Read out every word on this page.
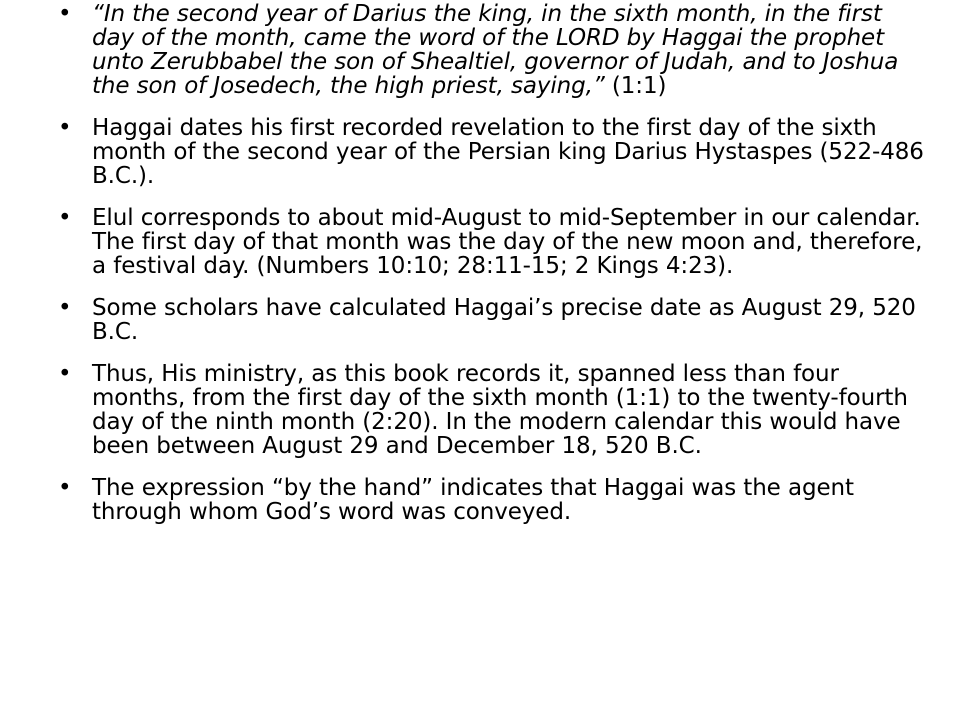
• “In the second year of Darius the king, in the sixth month, in the first day of the month, came the word of the LORD by Haggai the prophet unto Zerubbabel the son of Shealtiel, governor of Judah, and to Joshua the son of Josedech, the high priest, saying,” (1:1)
• Haggai dates his first recorded revelation to the first day of the sixth month of the second year of the Persian king Darius Hystaspes (522-486 B.C.).
• Elul corresponds to about mid-August to mid-September in our calendar. The first day of that month was the day of the new moon and, therefore, a festival day. (Numbers 10:10; 28:11-15; 2 Kings 4:23).
• Some scholars have calculated Haggai’s precise date as August 29, 520 B.C.
• Thus, His ministry, as this book records it, spanned less than four months, from the first day of the sixth month (1:1) to the twenty-fourth day of the ninth month (2:20). In the modern calendar this would have been between August 29 and December 18, 520 B.C.
• The expression “by the hand” indicates that Haggai was the agent through whom God’s word was conveyed.
